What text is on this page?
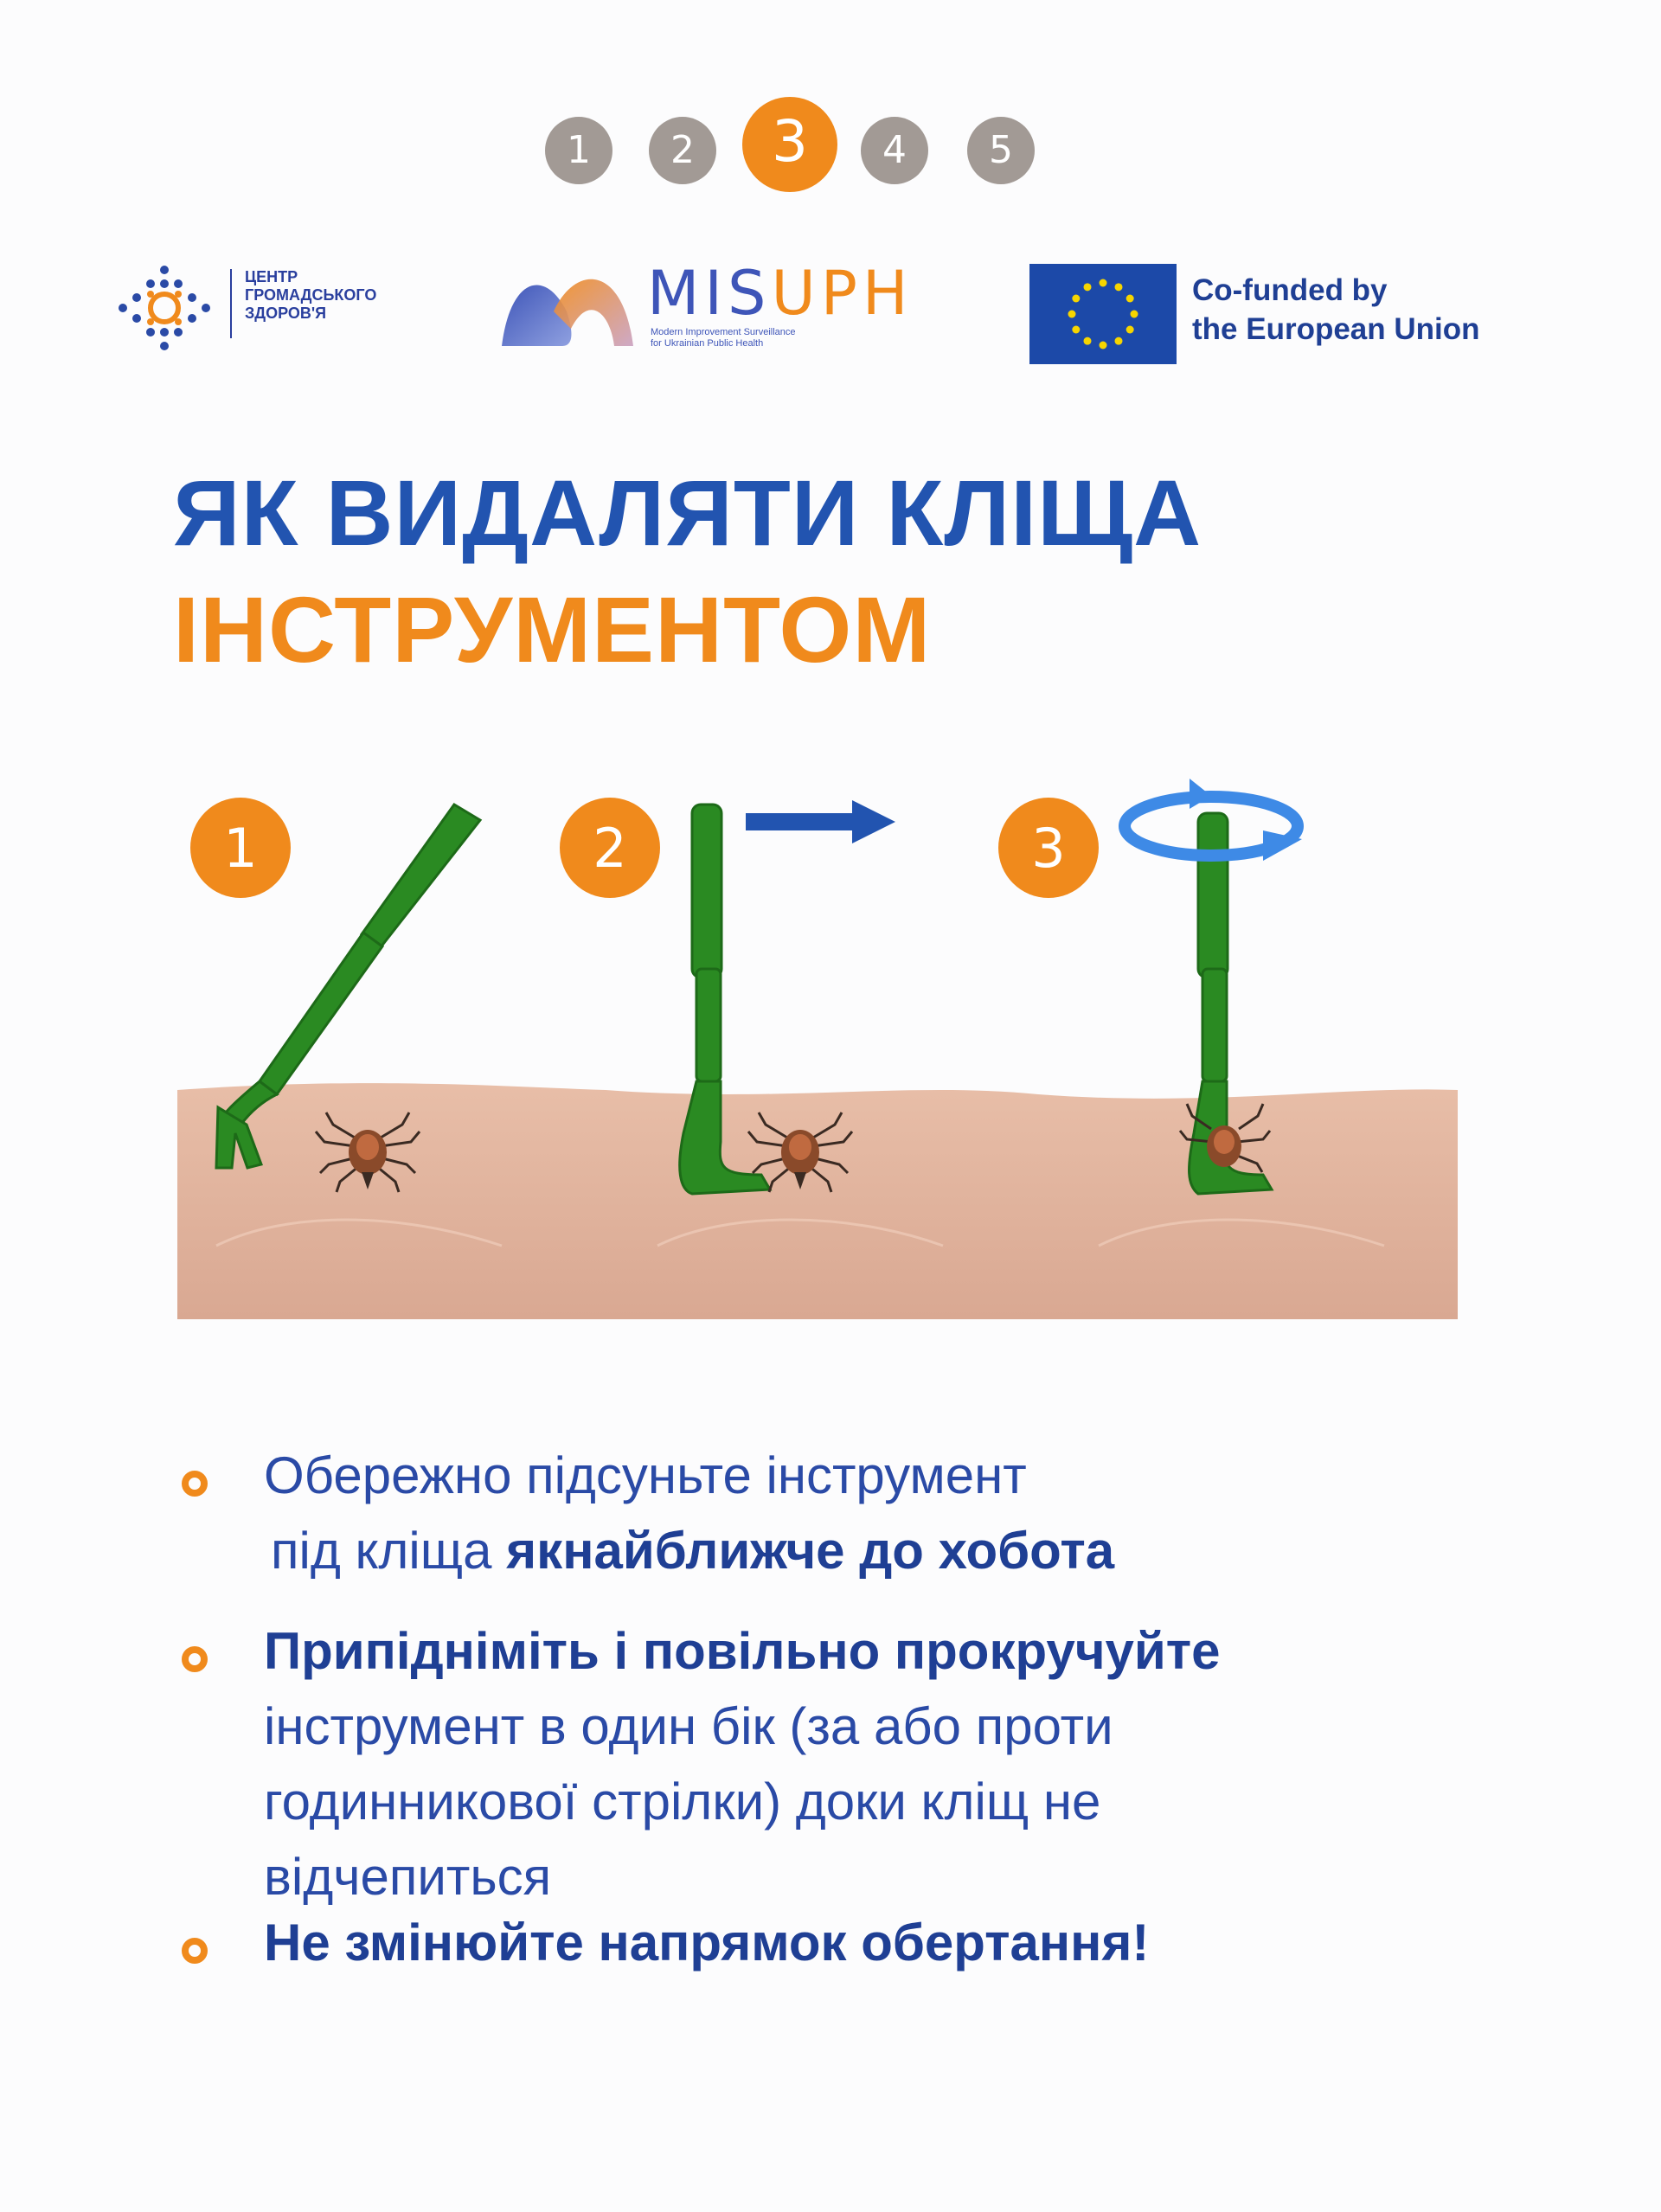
1	2	3	4	5
ЦЕНТР
ГРОМАДСЬКОГО
ЗДОРОВ'Я	MISUPH
Modern Improvement Surveillance
for Ukrainian Public Health
Co-funded by
the European Union
ЯК ВИДАЛЯТИ КЛІЩА
ІНСТРУМЕНТОМ
1	2	3
Обережно підсуньте інструмент
під кліща якнайближче до хобота
Припідніміть і повільно прокручуйте
інструмент в один бік (за або проти
годинникової стрілки) доки кліщ не
відчепиться
Не змінюйте напрямок обертання!
